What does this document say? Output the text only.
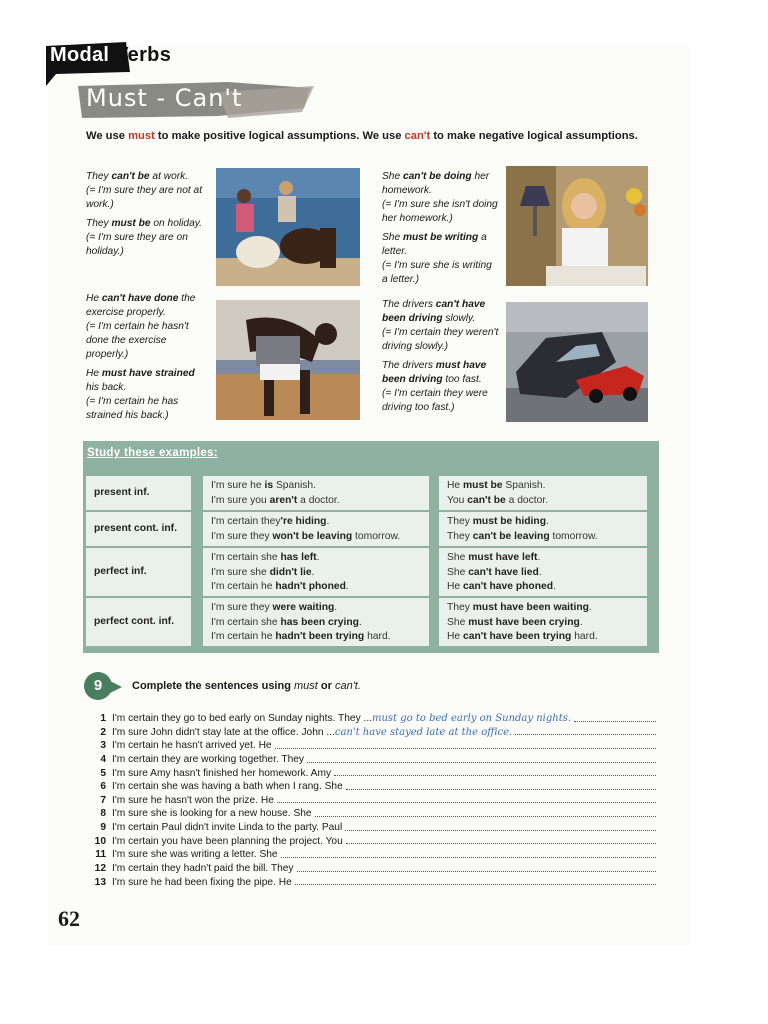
Modal Verbs
Must - Can't
We use must to make positive logical assumptions. We use can't to make negative logical assumptions.

They can't be at work.
(= I'm sure they are not at work.)

They must be on holiday.
(= I'm sure they are on holiday.)

She can't be doing her homework.
(= I'm sure she isn't doing her homework.)

She must be writing a letter.
(= I'm sure she is writing a letter.)

He can't have done the exercise properly.
(= I'm certain he hasn't done the exercise properly.)

He must have strained his back.
(= I'm certain he has strained his back.)

The drivers can't have been driving slowly.
(= I'm certain they weren't driving slowly.)

The drivers must have been driving too fast.
(= I'm certain they were driving too fast.)

Study these examples:
present inf.
I'm sure he is Spanish.
I'm sure you aren't a doctor.
He must be Spanish.
You can't be a doctor.
present cont. inf.
I'm certain they're hiding.
I'm sure they won't be leaving tomorrow.
They must be hiding.
They can't be leaving tomorrow.
perfect inf.
I'm certain she has left.
I'm sure she didn't lie.
I'm certain he hadn't phoned.
She must have left.
She can't have lied.
He can't have phoned.
perfect cont. inf.
I'm sure they were waiting.
I'm certain she has been crying.
I'm certain he hadn't been trying hard.
They must have been waiting.
She must have been crying.
He can't have been trying hard.
9	Complete the sentences using must or can't.
1 I'm certain they go to bed early on Sunday nights. They ... must go to bed early on Sunday nights.
2 I'm sure John didn't stay late at the office. John ... can't have stayed late at the office.
3 I'm certain he hasn't arrived yet. He
4 I'm certain they are working together. They
5 I'm sure Amy hasn't finished her homework. Amy
6 I'm certain she was having a bath when I rang. She
7 I'm sure he hasn't won the prize. He
8 I'm sure she is looking for a new house. She
9 I'm certain Paul didn't invite Linda to the party. Paul
10 I'm certain you have been planning the project. You
11 I'm sure she was writing a letter. She
12 I'm certain they hadn't paid the bill. They
13 I'm sure he had been fixing the pipe. He
62
